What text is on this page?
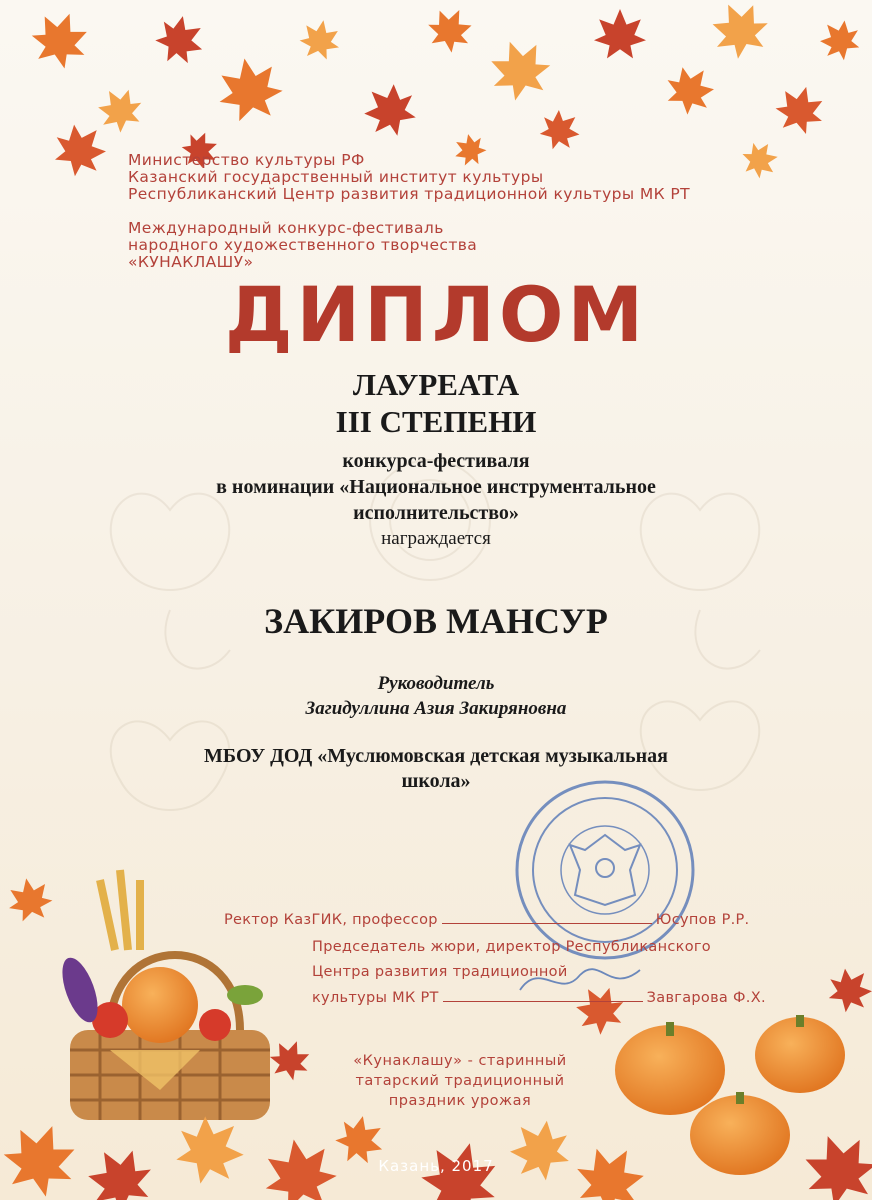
Министерство культуры РФ
Казанский государственный институт культуры
Республиканский Центр развития традиционной культуры МК РТ
Международный конкурс-фестиваль
народного художественного творчества
«КУНАКЛАШУ»
ДИПЛОМ
ЛАУРЕАТА
III СТЕПЕНИ
конкурса-фестиваля
в номинации «Национальное инструментальное
исполнительство»
награждается
ЗАКИРОВ МАНСУР
Руководитель
Загидуллина Азия Закиряновна
МБОУ ДОД «Муслюмовская детская музыкальная
школа»
Ректор КазГИК, профессор	Юсупов Р.Р.
Председатель жюри, директор Республиканского
Центра развития традиционной
культуры МК РТ	Завгарова Ф.Х.
«Кунаклашу» - старинный
татарский традиционный
праздник урожая
Казань, 2017
